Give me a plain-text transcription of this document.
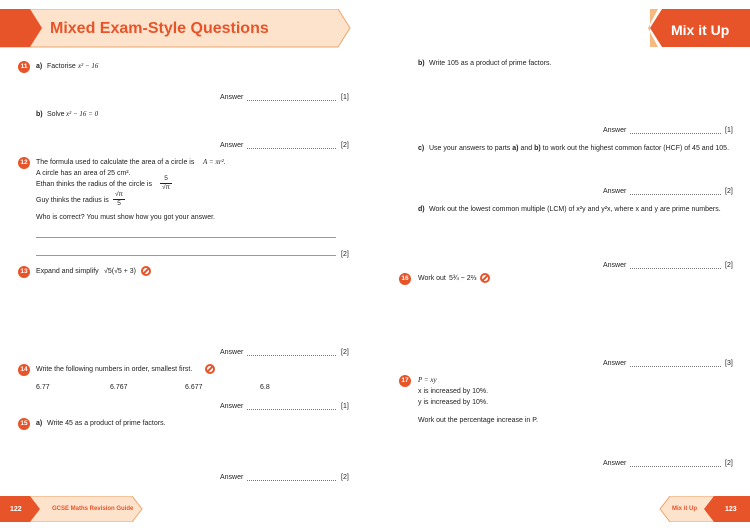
Mixed Exam-Style Questions	Mix it Up
11	a) Factorise x² − 16
Answer	[1]
b) Solve x² − 16 = 0
Answer	[2]
12	The formula used to calculate the area of a circle is A = πr².
A circle has an area of 25 cm².
Ethan thinks the radius of the circle is
5
√π
Guy thinks the radius is
√π
5
Who is correct? You must show how you got your answer.
[2]
13	Expand and simplify √5(√5 + 3)
Answer	[2]
14	Write the following numbers in order, smallest first.
6.77	6.767	6.677	6.8
Answer	[1]
15	a) Write 45 as a product of prime factors.
Answer	[2]
b) Write 105 as a product of prime factors.
Answer	[1]
c) Use your answers to parts a) and b) to work out the highest common factor (HCF) of 45 and 105.
Answer	[2]
d) Work out the lowest common multiple (LCM) of x²y and y²x, where x and y are prime numbers.
Answer	[2]
16	Work out 5¾ − 2⅔
Answer	[3]
17	P = xy
x is increased by 10%.
y is increased by 10%.
Work out the percentage increase in P.
Answer	[2]
122	GCSE Maths Revision Guide	Mix it Up	123
